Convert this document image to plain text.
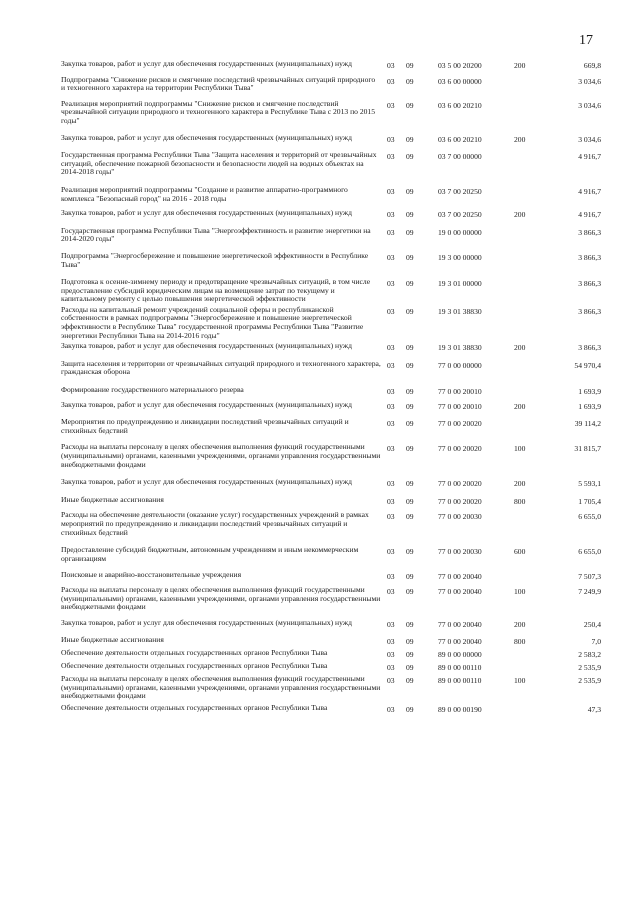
17
Закупка товаров, работ и услуг для обеспечения государственных (муниципальных) нужд	03	09	03 5 00 20200	200	669,8

Подпрограмма "Снижение рисков и смягчение последствий чрезвычайных ситуаций природного и техногенного характера на территории Республики Тыва"	03	09	03 6 00 00000		3 034,6

Реализация мероприятий подпрограммы "Снижение рисков и смягчение последствий чрезвычайной ситуации природного и техногенного характера в Республике Тыва с 2013 по 2015 годы"	03	09	03 6 00 20210		3 034,6

Закупка товаров, работ и услуг для обеспечения государственных (муниципальных) нужд	03	09	03 6 00 20210	200	3 034,6

Государственная программа Республики Тыва "Защита населения и территорий от чрезвычайных ситуаций, обеспечение пожарной безопасности и безопасности людей на водных объектах на 2014-2018 годы"	03	09	03 7 00 00000		4 916,7

Реализация мероприятий подпрограммы "Создание и развитие аппаратно-программного комплекса "Безопасный город" на 2016 - 2018 годы	03	09	03 7 00 20250		4 916,7

Закупка товаров, работ и услуг для обеспечения государственных (муниципальных) нужд	03	09	03 7 00 20250	200	4 916,7

Государственная программа Республики Тыва "Энергоэффективность и развитие энергетики на 2014-2020 годы"	03	09	19 0 00 00000		3 866,3

Подпрограмма "Энергосбережение и повышение энергетической эффективности в Республике Тыва"	03	09	19 3 00 00000		3 866,3

Подготовка к осенне-зимнему периоду и предотвращение чрезвычайных ситуаций, в том числе предоставление субсидий юридическим лицам на возмещение затрат по текущему и капитальному ремонту с целью повышения энергетической эффективности	03	09	19 3 01 00000		3 866,3

Расходы на капитальный ремонт учреждений социальной сферы и республиканской собственности в рамках подпрограммы "Энергосбережение и повышение энергетической эффективности в Республике Тыва" государственной программы Республики Тыва "Развитие энергетики Республики Тыва на 2014-2016 годы"	03	09	19 3 01 38830		3 866,3

Закупка товаров, работ и услуг для обеспечения государственных (муниципальных) нужд	03	09	19 3 01 38830	200	3 866,3

Защита населения и территории от чрезвычайных ситуаций природного и техногенного характера, гражданская оборона	03	09	77 0 00 00000		54 970,4

Формирование государственного материального резерва	03	09	77 0 00 20010		1 693,9

Закупка товаров, работ и услуг для обеспечения государственных (муниципальных) нужд	03	09	77 0 00 20010	200	1 693,9

Мероприятия по предупреждению и ликвидации последствий чрезвычайных ситуаций и стихийных бедствий	03	09	77 0 00 20020		39 114,2

Расходы на выплаты персоналу в целях обеспечения выполнения функций государственными (муниципальными) органами, казенными учреждениями, органами управления государственными внебюджетными фондами	03	09	77 0 00 20020	100	31 815,7

Закупка товаров, работ и услуг для обеспечения государственных (муниципальных) нужд	03	09	77 0 00 20020	200	5 593,1

Иные бюджетные ассигнования	03	09	77 0 00 20020	800	1 705,4

Расходы на обеспечение деятельности (оказание услуг) государственных учреждений в рамках мероприятий по предупреждению и ликвидации последствий чрезвычайных ситуаций и стихийных бедствий	03	09	77 0 00 20030		6 655,0

Предоставление субсидий бюджетным, автономным учреждениям и иным некоммерческим организациям	03	09	77 0 00 20030	600	6 655,0

Поисковые и аварийно-восстановительные учреждения	03	09	77 0 00 20040		7 507,3

Расходы на выплаты персоналу в целях обеспечения выполнения функций государственными (муниципальными) органами, казенными учреждениями, органами управления государственными внебюджетными фондами	03	09	77 0 00 20040	100	7 249,9

Закупка товаров, работ и услуг для обеспечения государственных (муниципальных) нужд	03	09	77 0 00 20040	200	250,4

Иные бюджетные ассигнования	03	09	77 0 00 20040	800	7,0

Обеспечение деятельности отдельных государственных органов Республики Тыва	03	09	89 0 00 00000		2 583,2

Обеспечение деятельности отдельных государственных органов Республики Тыва	03	09	89 0 00 00110		2 535,9

Расходы на выплаты персоналу в целях обеспечения выполнения функций государственными (муниципальными) органами, казенными учреждениями, органами управления государственными внебюджетными фондами	03	09	89 0 00 00110	100	2 535,9

Обеспечение деятельности отдельных государственных органов Республики Тыва	03	09	89 0 00 00190		47,3
